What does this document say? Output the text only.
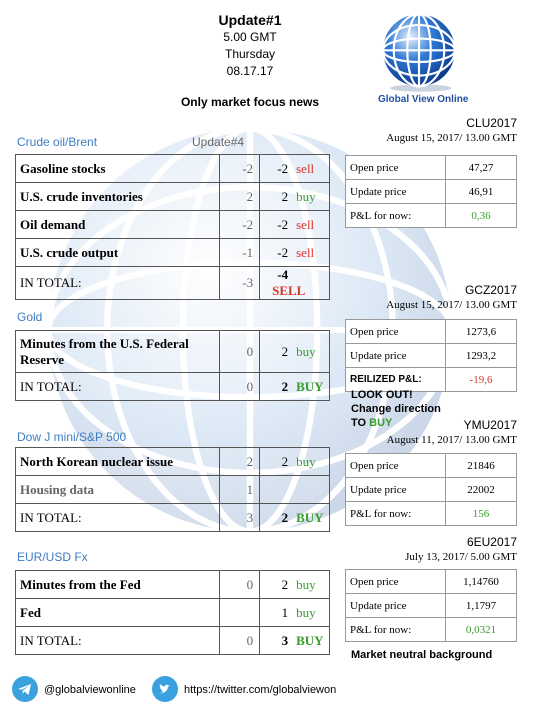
Update#1
5.00 GMT
Thursday
08.17.17
Only market focus news	Global View Online
Crude oil/Brent	Update#4
Gasoline stocks	-2	-2 sell
U.S. crude inventories	2	2 buy
Oil demand	-2	-2 sell
U.S. crude output	-1	-2 sell
IN TOTAL:	-3	-4SELL
Gold
Minutes from the U.S. Federal Reserve	0	2 buy
IN TOTAL:	0	2 BUY
Dow J mini/S&P 500
North Korean nuclear issue	2	2 buy
Housing data	1	
IN TOTAL:	3	2 BUY
EUR/USD Fx
Minutes from the Fed	0	2 buy
Fed		1 buy
IN TOTAL:	0	3 BUY
CLU2017
August 15, 2017/ 13.00 GMT
Open price	47,27
Update price	46,91
P&L for now:	0,36
GCZ2017
August 15, 2017/ 13.00 GMT
Open price	1273,6
Update price	1293,2
REILIZED P&L:	-19,6
LOOK OUT!
Change direction
TO BUY	YMU2017
August 11, 2017/ 13.00 GMT
Open price	21846
Update price	22002
P&L for now:	156
6EU2017
July 13, 2017/ 5.00 GMT
Open price	1,14760
Update price	1,1797
P&L for now:	0,0321
Market neutral background
@globalviewonline	https://twitter.com/globalviewon
